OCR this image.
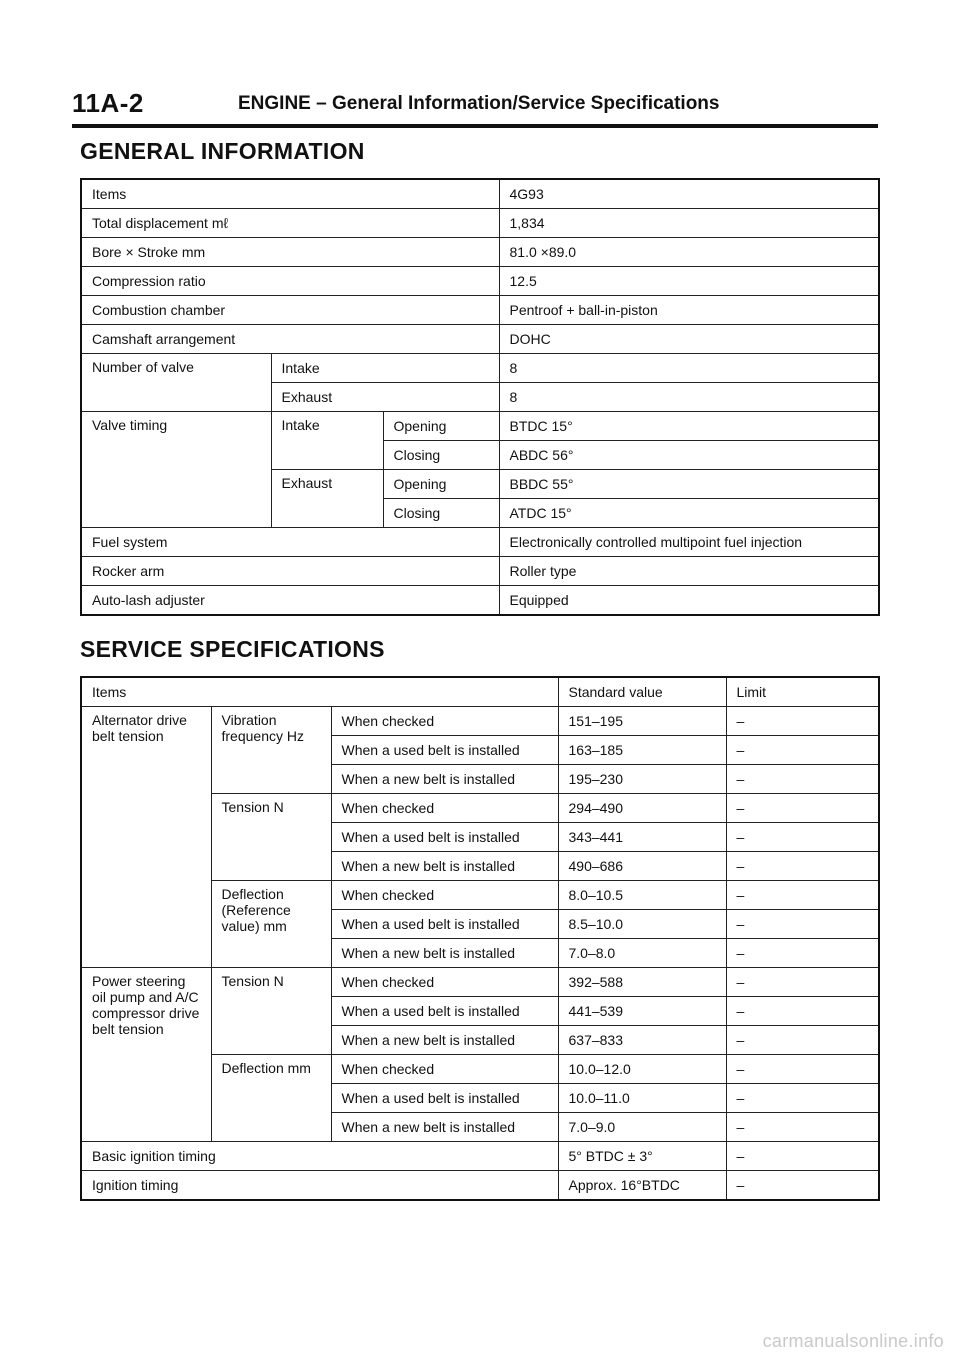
11A-2	ENGINE – General Information/Service Specifications
GENERAL INFORMATION
Items			4G93
Total displacement mℓ			1,834
Bore × Stroke mm			81.0 ×89.0
Compression ratio			12.5
Combustion chamber			Pentroof + ball-in-piston
Camshaft arrangement			DOHC
Number of valve	Intake		8
	Exhaust		8
Valve timing	Intake	Opening	BTDC 15°
		Closing	ABDC 56°
	Exhaust	Opening	BBDC 55°
		Closing	ATDC 15°
Fuel system			Electronically controlled multipoint fuel injection
Rocker arm			Roller type
Auto-lash adjuster			Equipped
SERVICE SPECIFICATIONS
Items			Standard value	Limit
Alternator drive belt tension	Vibration frequency Hz	When checked	151–195	–
		When a used belt is installed	163–185	–
		When a new belt is installed	195–230	–
	Tension N	When checked	294–490	–
		When a used belt is installed	343–441	–
		When a new belt is installed	490–686	–
	Deflection (Reference value) mm	When checked	8.0–10.5	–
		When a used belt is installed	8.5–10.0	–
		When a new belt is installed	7.0–8.0	–
Power steering oil pump and A/C compressor drive belt tension	Tension N	When checked	392–588	–
		When a used belt is installed	441–539	–
		When a new belt is installed	637–833	–
	Deflection mm	When checked	10.0–12.0	–
		When a used belt is installed	10.0–11.0	–
		When a new belt is installed	7.0–9.0	–
Basic ignition timing			5° BTDC ± 3°	–
Ignition timing			Approx. 16°BTDC	–
carmanualsonline.info
